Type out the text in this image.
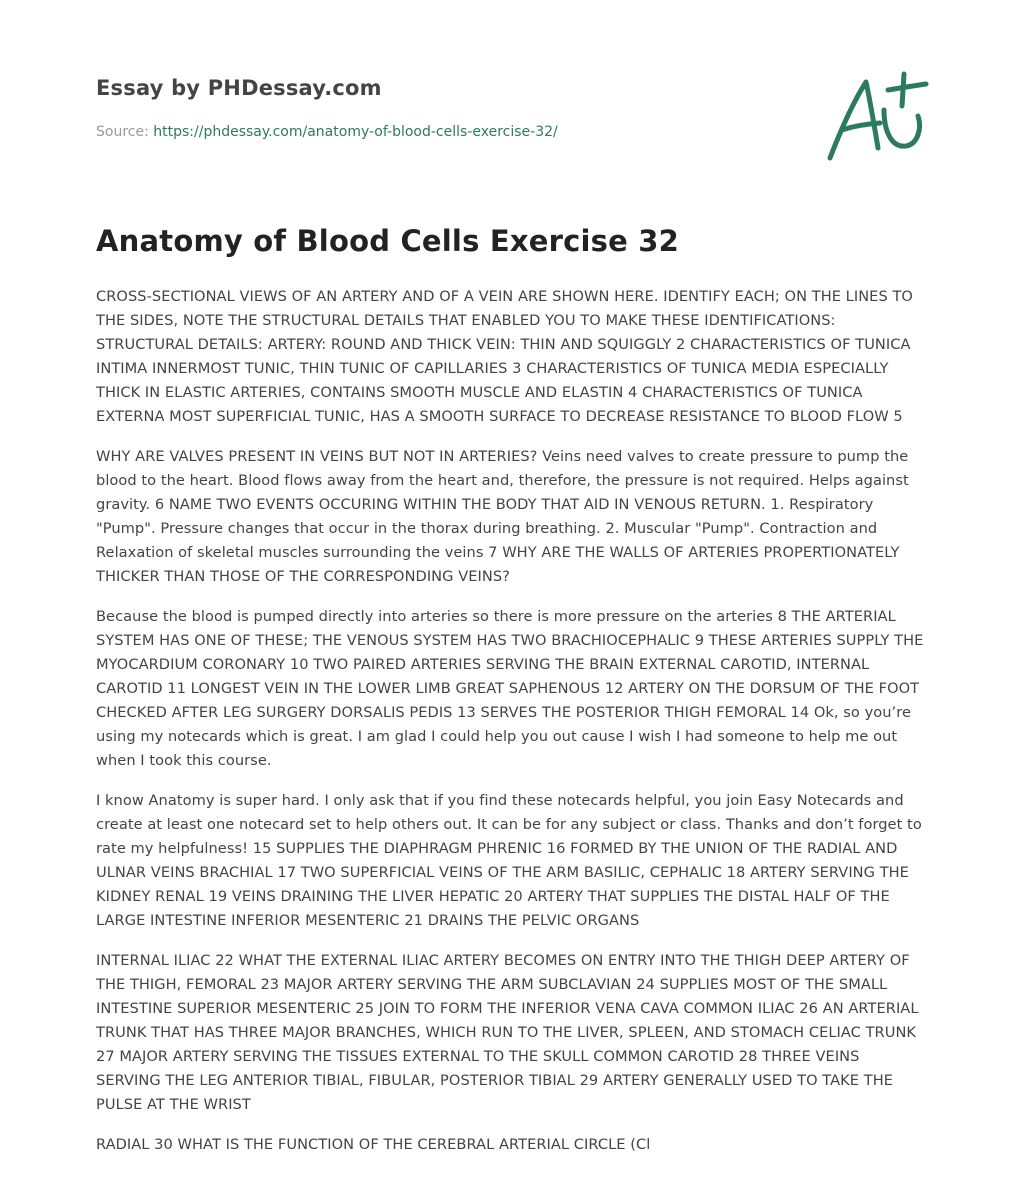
Essay by PHDessay.com

Source: https://phdessay.com/anatomy-of-blood-cells-exercise-32/

Anatomy of Blood Cells Exercise 32

CROSS-SECTIONAL VIEWS OF AN ARTERY AND OF A VEIN ARE SHOWN HERE. IDENTIFY EACH; ON THE LINES TO THE SIDES, NOTE THE STRUCTURAL DETAILS THAT ENABLED YOU TO MAKE THESE IDENTIFICATIONS: STRUCTURAL DETAILS: ARTERY: ROUND AND THICK VEIN: THIN AND SQUIGGLY 2 CHARACTERISTICS OF TUNICA INTIMA INNERMOST TUNIC, THIN TUNIC OF CAPILLARIES 3 CHARACTERISTICS OF TUNICA MEDIA ESPECIALLY THICK IN ELASTIC ARTERIES, CONTAINS SMOOTH MUSCLE AND ELASTIN 4 CHARACTERISTICS OF TUNICA EXTERNA MOST SUPERFICIAL TUNIC, HAS A SMOOTH SURFACE TO DECREASE RESISTANCE TO BLOOD FLOW 5

WHY ARE VALVES PRESENT IN VEINS BUT NOT IN ARTERIES? Veins need valves to create pressure to pump the blood to the heart. Blood flows away from the heart and, therefore, the pressure is not required. Helps against gravity. 6 NAME TWO EVENTS OCCURING WITHIN THE BODY THAT AID IN VENOUS RETURN. 1. Respiratory "Pump". Pressure changes that occur in the thorax during breathing. 2. Muscular "Pump". Contraction and Relaxation of skeletal muscles surrounding the veins 7 WHY ARE THE WALLS OF ARTERIES PROPERTIONATELY THICKER THAN THOSE OF THE CORRESPONDING VEINS?

Because the blood is pumped directly into arteries so there is more pressure on the arteries 8 THE ARTERIAL SYSTEM HAS ONE OF THESE; THE VENOUS SYSTEM HAS TWO BRACHIOCEPHALIC 9 THESE ARTERIES SUPPLY THE MYOCARDIUM CORONARY 10 TWO PAIRED ARTERIES SERVING THE BRAIN EXTERNAL CAROTID, INTERNAL CAROTID 11 LONGEST VEIN IN THE LOWER LIMB GREAT SAPHENOUS 12 ARTERY ON THE DORSUM OF THE FOOT CHECKED AFTER LEG SURGERY DORSALIS PEDIS 13 SERVES THE POSTERIOR THIGH FEMORAL 14 Ok, so you’re using my notecards which is great. I am glad I could help you out cause I wish I had someone to help me out when I took this course.

I know Anatomy is super hard. I only ask that if you find these notecards helpful, you join Easy Notecards and create at least one notecard set to help others out. It can be for any subject or class. Thanks and don’t forget to rate my helpfulness! 15 SUPPLIES THE DIAPHRAGM PHRENIC 16 FORMED BY THE UNION OF THE RADIAL AND ULNAR VEINS BRACHIAL 17 TWO SUPERFICIAL VEINS OF THE ARM BASILIC, CEPHALIC 18 ARTERY SERVING THE KIDNEY RENAL 19 VEINS DRAINING THE LIVER HEPATIC 20 ARTERY THAT SUPPLIES THE DISTAL HALF OF THE LARGE INTESTINE INFERIOR MESENTERIC 21 DRAINS THE PELVIC ORGANS

INTERNAL ILIAC 22 WHAT THE EXTERNAL ILIAC ARTERY BECOMES ON ENTRY INTO THE THIGH DEEP ARTERY OF THE THIGH, FEMORAL 23 MAJOR ARTERY SERVING THE ARM SUBCLAVIAN 24 SUPPLIES MOST OF THE SMALL INTESTINE SUPERIOR MESENTERIC 25 JOIN TO FORM THE INFERIOR VENA CAVA COMMON ILIAC 26 AN ARTERIAL TRUNK THAT HAS THREE MAJOR BRANCHES, WHICH RUN TO THE LIVER, SPLEEN, AND STOMACH CELIAC TRUNK 27 MAJOR ARTERY SERVING THE TISSUES EXTERNAL TO THE SKULL COMMON CAROTID 28 THREE VEINS SERVING THE LEG ANTERIOR TIBIAL, FIBULAR, POSTERIOR TIBIAL 29 ARTERY GENERALLY USED TO TAKE THE PULSE AT THE WRIST

RADIAL 30 WHAT IS THE FUNCTION OF THE CEREBRAL ARTERIAL CIRCLE (Cl
